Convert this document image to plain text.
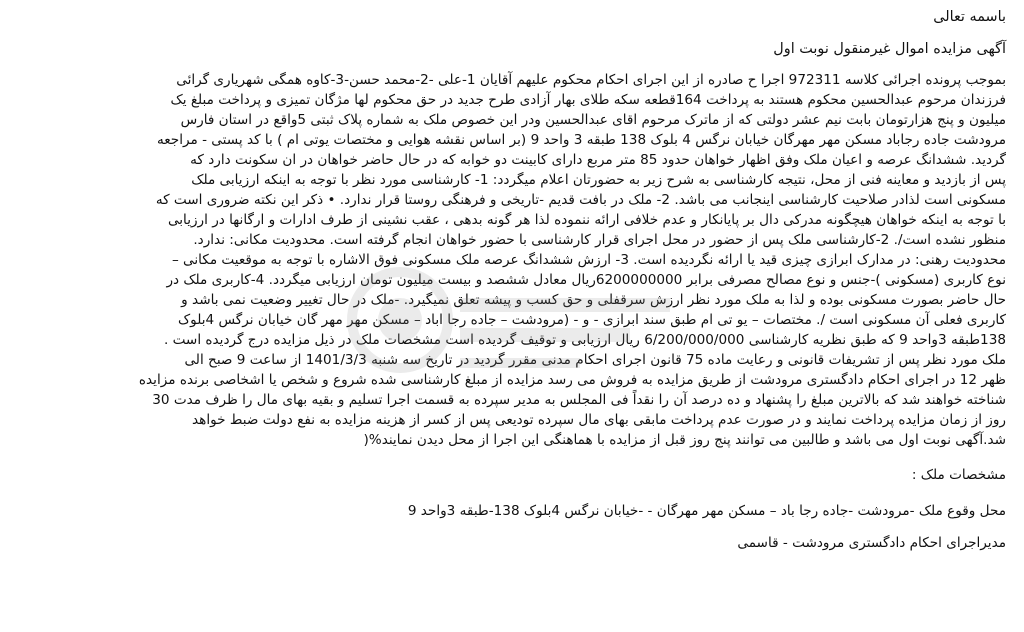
باسمه تعالی
آگهی مزایده اموال غیرمنقول نوبت اول
بموجب پرونده اجرائی کلاسه 972311 اجرا ح صادره از این اجرای احکام محکوم علیهم آقایان 1-علی -2-محمد حسن-3-کاوه همگی شهریاری گرائی
فرزندان مرحوم عبدالحسین محکوم هستند به پرداخت 164قطعه سکه طلای بهار آزادی طرح جدید در حق محکوم لها مژگان تمیزی و پرداخت مبلغ یک
میلیون و پنج هزارتومان بابت نیم عشر دولتی که از ماترک مرحوم اقای عبدالحسین ودر این خصوص ملک به شماره پلاک ثبتی 5واقع در استان فارس
مرودشت جاده رجاباد مسکن مهر مهرگان خیابان نرگس 4 بلوک 138 طبقه 3 واحد 9 (بر اساس نقشه هوایی و مختصات یوتی ام ) با کد پستی - مراجعه
گردید. ششدانگ عرصه و اعیان ملک وفق اظهار خواهان حدود 85 متر مربع دارای کابینت دو خوابه که در حال حاضر خواهان در ان سکونت دارد که
پس از بازدید و معاینه فنی از محل، نتیجه کارشناسی به شرح زیر به حضورتان اعلام میگردد: 1- کارشناسی مورد نظر با توجه به اینکه ارزیابی ملک
مسکونی است لذادر صلاحیت کارشناسی اینجانب می باشد. 2- ملک در بافت قدیم -تاریخی و فرهنگی روستا قرار ندارد. • ذکر این نکته ضروری است که
با توجه به اینکه خواهان هیچگونه مدرکی دال بر پایانکار و عدم خلافی ارائه ننموده لذا هر گونه بدهی ، عقب نشینی از طرف ادارات و ارگانها در ارزیابی
منظور نشده است/. 2-کارشناسی ملک پس از حضور در محل اجرای قرار کارشناسی با حضور خواهان انجام گرفته است. محدودیت مکانی: ندارد.
محدودیت رهنی: در مدارک ابرازی چیزی قید یا ارائه نگردیده است. 3- ارزش ششدانگ عرصه ملک مسکونی فوق الاشاره با توجه به موقعیت مکانی –
نوع کاربری (مسکونی )-جنس و نوع مصالح مصرفی برابر 6200000000ریال معادل ششصد و بیست میلیون تومان ارزیابی میگردد. 4-کاربری ملک در
حال حاضر بصورت مسکونی بوده و لذا به ملک مورد نظر ارزش سرقفلی و حق کسب و پیشه تعلق نمیگیرد. -ملک در حال تغییر وضعیت نمی باشد و
کاربری فعلی آن مسکونی است /. مختصات – یو تی ام طبق سند ابرازی - و - (مرودشت – جاده رجا اباد – مسکن مهر مهر گان خیابان نرگس 4بلوک
138طبقه 3واحد 9 که طبق نظریه کارشناسی 6/200/000/000 ریال ارزیابی و توقیف گردیده است مشخصات ملک در ذیل مزایده درج گردیده است .
ملک مورد نظر پس از تشریفات قانونی و رعایت ماده 75 قانون اجرای احکام مدنی مقرر گردید در تاریخ سه شنبه 1401/3/3 از ساعت 9 صبح الی
ظهر 12 در اجرای احکام دادگستری مرودشت از طریق مزایده به فروش می رسد مزایده از مبلغ کارشناسی شده شروع و شخص یا اشخاصی برنده مزایده
شناخته خواهند شد که بالاترین مبلغ را پشنهاد و ده درصد آن را نقداً فی المجلس به مدیر سپرده به قسمت اجرا تسلیم و بقیه بهای مال را ظرف مدت 30
روز از زمان مزایده پرداخت نمایند و در صورت عدم پرداخت مابقی بهای مال سپرده تودیعی پس از کسر از هزینه مزایده به نفع دولت ضبط خواهد
شد.آگهی نوبت اول می باشد و طالبین می توانند پنج روز قبل از مزایده با هماهنگی این اجرا از محل دیدن نمایند%(
مشخصات ملک :
محل وقوع ملک -مرودشت -جاده رجا باد – مسکن مهر مهرگان - -خیابان نرگس 4بلوک 138-طبقه 3واحد 9
مدیراجرای احکام دادگستری مرودشت - قاسمی
